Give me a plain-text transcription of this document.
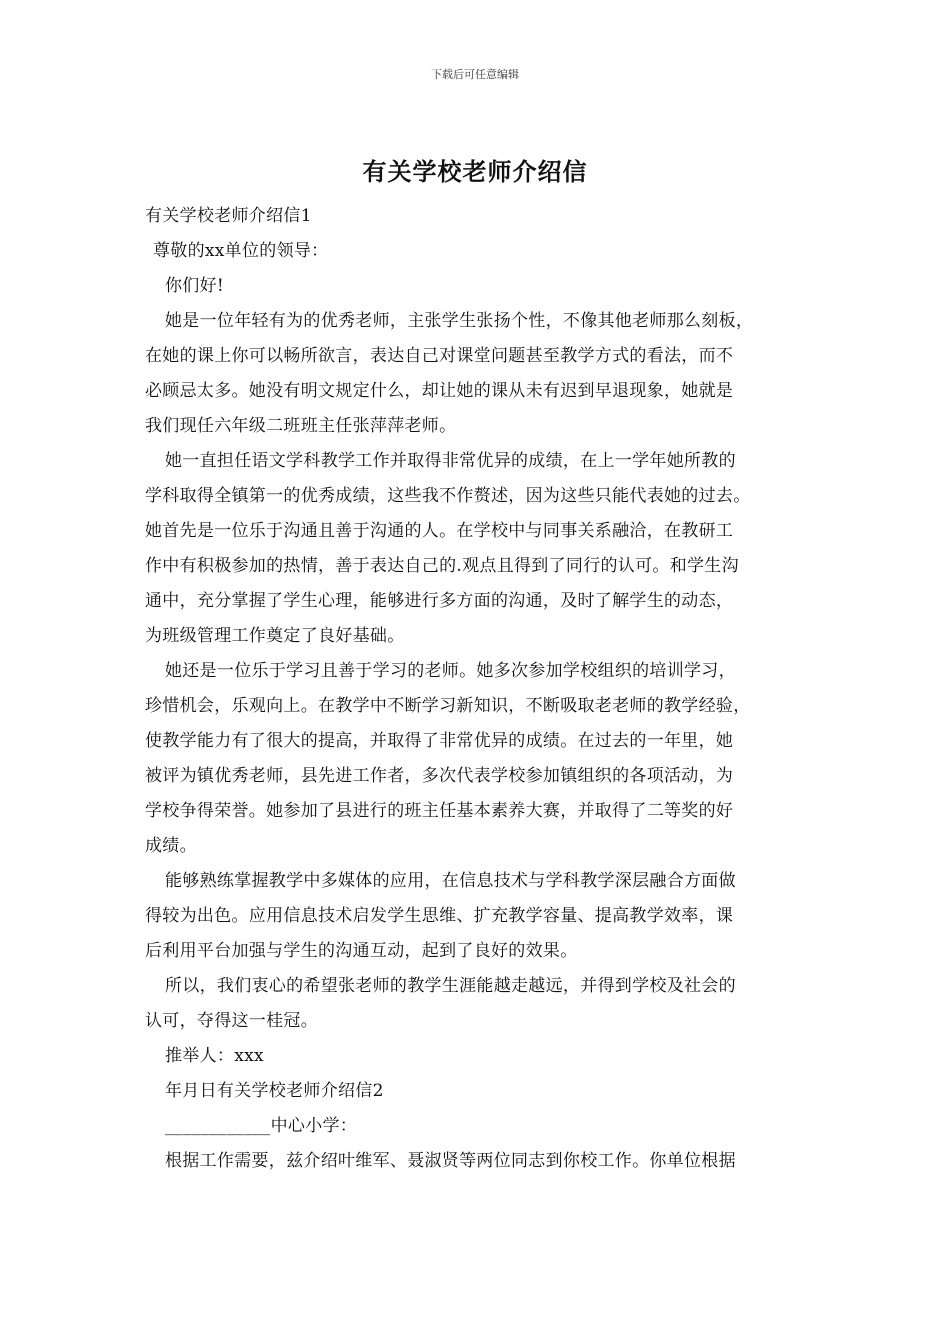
下载后可任意编辑
有关学校老师介绍信
有关学校老师介绍信1
尊敬的xx单位的领导：
你们好!
她是一位年轻有为的优秀老师，主张学生张扬个性，不像其他老师那么刻板，
在她的课上你可以畅所欲言，表达自己对课堂问题甚至教学方式的看法，而不
必顾忌太多。她没有明文规定什么，却让她的课从未有迟到早退现象，她就是
我们现任六年级二班班主任张萍萍老师。
她一直担任语文学科教学工作并取得非常优异的成绩，在上一学年她所教的
学科取得全镇第一的优秀成绩，这些我不作赘述，因为这些只能代表她的过去。
她首先是一位乐于沟通且善于沟通的人。在学校中与同事关系融洽，在教研工
作中有积极参加的热情，善于表达自己的.观点且得到了同行的认可。和学生沟
通中，充分掌握了学生心理，能够进行多方面的沟通，及时了解学生的动态，
为班级管理工作奠定了良好基础。
她还是一位乐于学习且善于学习的老师。她多次参加学校组织的培训学习，
珍惜机会，乐观向上。在教学中不断学习新知识，不断吸取老老师的教学经验，
使教学能力有了很大的提高，并取得了非常优异的成绩。在过去的一年里，她
被评为镇优秀老师，县先进工作者，多次代表学校参加镇组织的各项活动，为
学校争得荣誉。她参加了县进行的班主任基本素养大赛，并取得了二等奖的好
成绩。
能够熟练掌握教学中多媒体的应用，在信息技术与学科教学深层融合方面做
得较为出色。应用信息技术启发学生思维、扩充教学容量、提高教学效率，课
后利用平台加强与学生的沟通互动，起到了良好的效果。
所以，我们衷心的希望张老师的教学生涯能越走越远，并得到学校及社会的
认可，夺得这一桂冠。
推举人：xxx
年月日有关学校老师介绍信2
____________中心小学：
根据工作需要，兹介绍叶维军、聂淑贤等两位同志到你校工作。你单位根据
